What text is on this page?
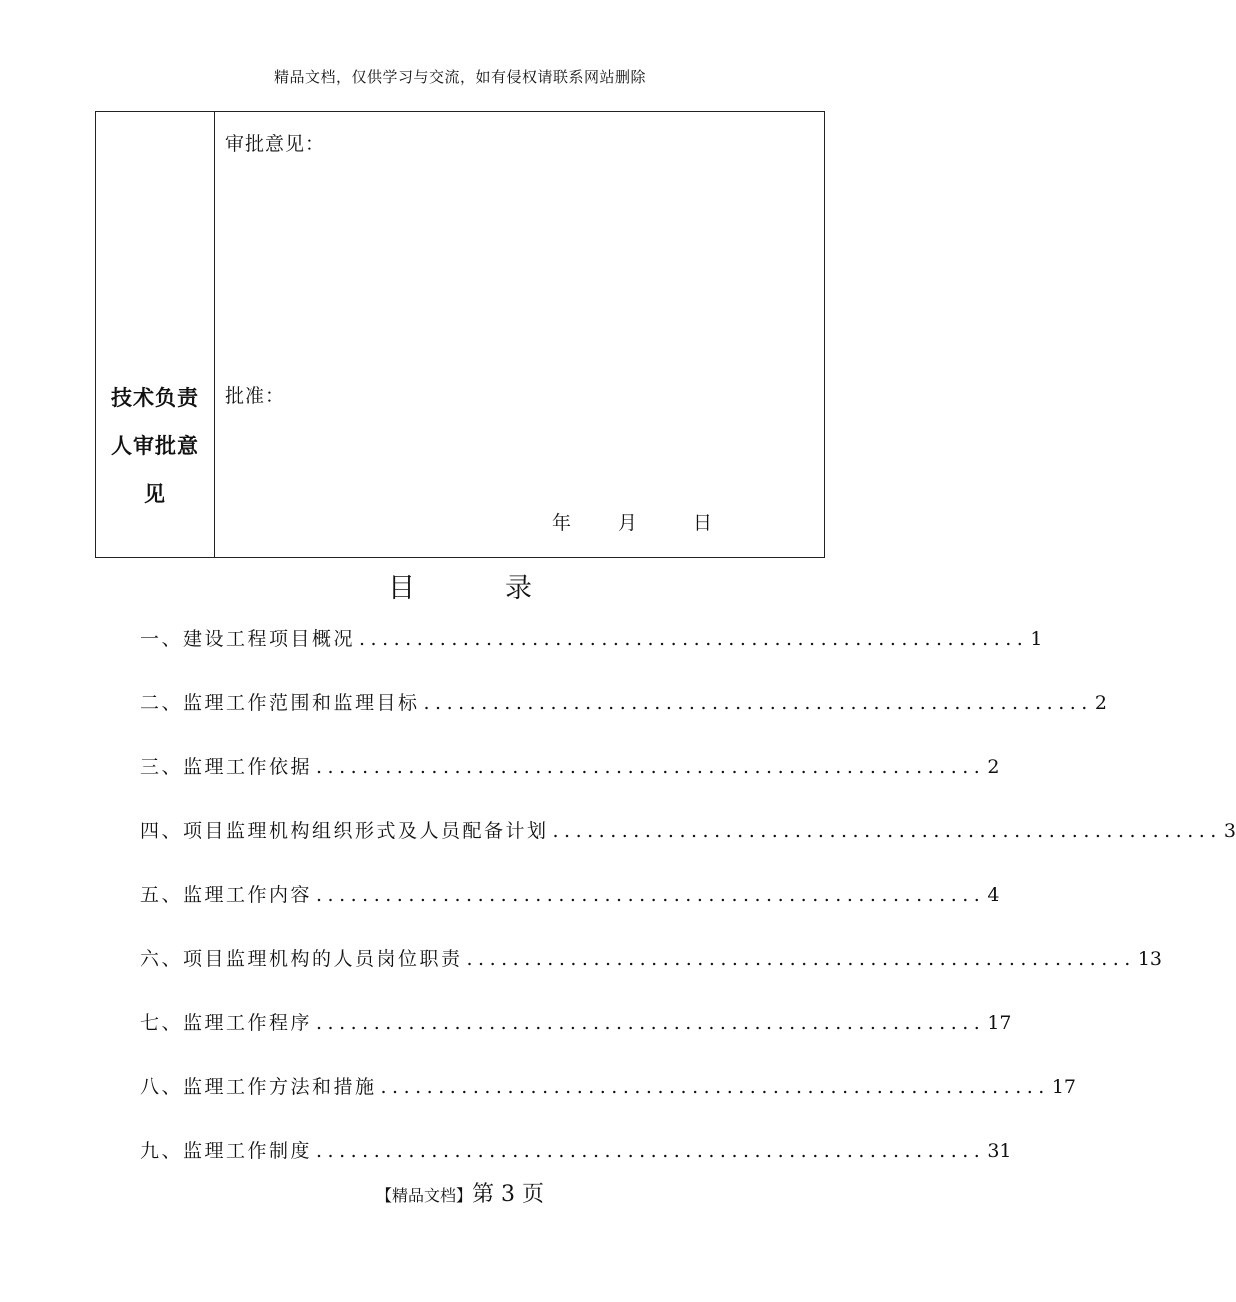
精品文档，仅供学习与交流，如有侵权请联系网站删除
技术负责
人审批意
见
审批意见：
批准：
年 月	日
目录
一、建设工程项目概况 .......................................................... 1
二、监理工作范围和监理目标 .......................................................... 2
三、监理工作依据 .......................................................... 2
四、项目监理机构组织形式及人员配备计划 .......................................................... 3
五、监理工作内容 .......................................................... 4
六、项目监理机构的人员岗位职责 .......................................................... 13
七、监理工作程序 .......................................................... 17
八、监理工作方法和措施 .......................................................... 17
九、监理工作制度 .......................................................... 31
【精品文档】第 3 页
